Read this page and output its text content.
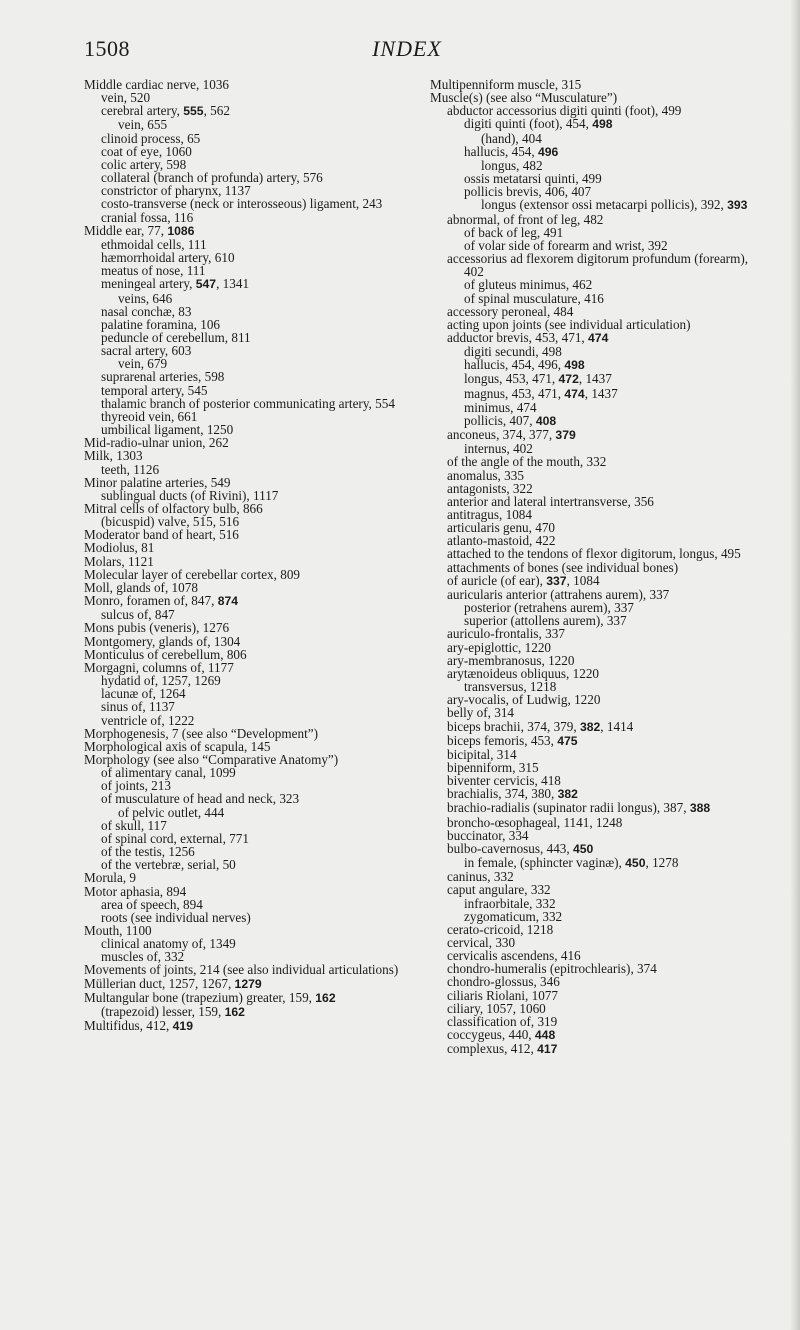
1508	INDEX
Middle cardiac nerve, 1036
vein, 520
cerebral artery, 555, 562
vein, 655
clinoid process, 65
coat of eye, 1060
colic artery, 598
collateral (branch of profunda) artery, 576
constrictor of pharynx, 1137
costo-transverse (neck or interosseous) ligament, 243
cranial fossa, 116
Middle ear, 77, 1086
ethmoidal cells, 111
hæmorrhoidal artery, 610
meatus of nose, 111
meningeal artery, 547, 1341
veins, 646
nasal conchæ, 83
palatine foramina, 106
peduncle of cerebellum, 811
sacral artery, 603
vein, 679
suprarenal arteries, 598
temporal artery, 545
thalamic branch of posterior communicating artery, 554
thyreoid vein, 661
umbilical ligament, 1250
Mid-radio-ulnar union, 262
Milk, 1303
teeth, 1126
Minor palatine arteries, 549
sublingual ducts (of Rivini), 1117
Mitral cells of olfactory bulb, 866
(bicuspid) valve, 515, 516
Moderator band of heart, 516
Modiolus, 81
Molars, 1121
Molecular layer of cerebellar cortex, 809
Moll, glands of, 1078
Monro, foramen of, 847, 874
sulcus of, 847
Mons pubis (veneris), 1276
Montgomery, glands of, 1304
Monticulus of cerebellum, 806
Morgagni, columns of, 1177
hydatid of, 1257, 1269
lacunæ of, 1264
sinus of, 1137
ventricle of, 1222
Morphogenesis, 7 (see also “Development”)
Morphological axis of scapula, 145
Morphology (see also “Comparative Anatomy”)
of alimentary canal, 1099
of joints, 213
of musculature of head and neck, 323
of pelvic outlet, 444
of skull, 117
of spinal cord, external, 771
of the testis, 1256
of the vertebræ, serial, 50
Morula, 9
Motor aphasia, 894
area of speech, 894
roots (see individual nerves)
Mouth, 1100
clinical anatomy of, 1349
muscles of, 332
Movements of joints, 214 (see also individual articulations)
Müllerian duct, 1257, 1267, 1279
Multangular bone (trapezium) greater, 159, 162
(trapezoid) lesser, 159, 162
Multifidus, 412, 419
Multipenniform muscle, 315
Muscle(s) (see also “Musculature”)
abductor accessorius digiti quinti (foot), 499
digiti quinti (foot), 454, 498
(hand), 404
hallucis, 454, 496
longus, 482
ossis metatarsi quinti, 499
pollicis brevis, 406, 407
longus (extensor ossi metacarpi pollicis), 392, 393
abnormal, of front of leg, 482
of back of leg, 491
of volar side of forearm and wrist, 392
accessorius ad flexorem digitorum profundum (forearm), 402
of gluteus minimus, 462
of spinal musculature, 416
accessory peroneal, 484
acting upon joints (see individual articulation)
adductor brevis, 453, 471, 474
digiti secundi, 498
hallucis, 454, 496, 498
longus, 453, 471, 472, 1437
magnus, 453, 471, 474, 1437
minimus, 474
pollicis, 407, 408
anconeus, 374, 377, 379
internus, 402
of the angle of the mouth, 332
anomalus, 335
antagonists, 322
anterior and lateral intertransverse, 356
antitragus, 1084
articularis genu, 470
atlanto-mastoid, 422
attached to the tendons of flexor digitorum, longus, 495
attachments of bones (see individual bones)
of auricle (of ear), 337, 1084
auricularis anterior (attrahens aurem), 337
posterior (retrahens aurem), 337
superior (attollens aurem), 337
auriculo-frontalis, 337
ary-epiglottic, 1220
ary-membranosus, 1220
arytænoideus obliquus, 1220
transversus, 1218
ary-vocalis, of Ludwig, 1220
belly of, 314
biceps brachii, 374, 379, 382, 1414
biceps femoris, 453, 475
bicipital, 314
bipenniform, 315
biventer cervicis, 418
brachialis, 374, 380, 382
brachio-radialis (supinator radii longus), 387, 388
broncho-œsophageal, 1141, 1248
buccinator, 334
bulbo-cavernosus, 443, 450
in female, (sphincter vaginæ), 450, 1278
caninus, 332
caput angulare, 332
infraorbitale, 332
zygomaticum, 332
cerato-cricoid, 1218
cervical, 330
cervicalis ascendens, 416
chondro-humeralis (epitrochlearis), 374
chondro-glossus, 346
ciliaris Riolani, 1077
ciliary, 1057, 1060
classification of, 319
coccygeus, 440, 448
complexus, 412, 417
